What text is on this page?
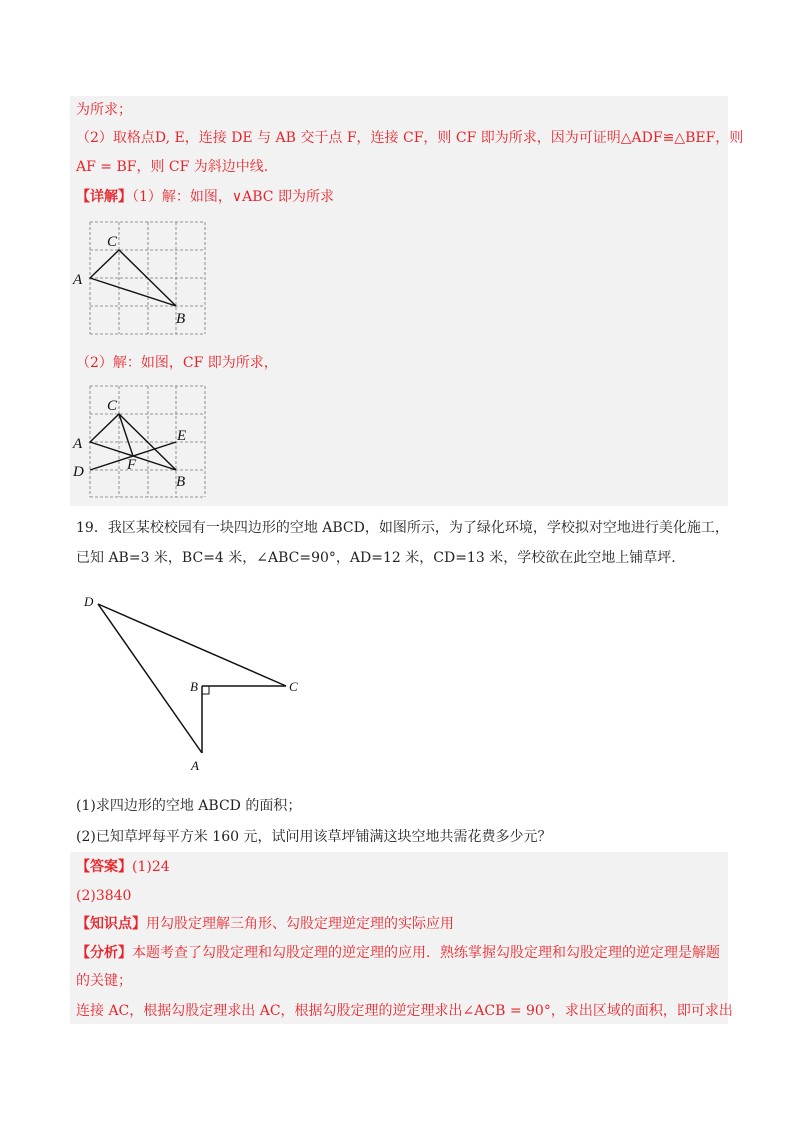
为所求；
（2）取格点D, E，连接 DE 与 AB 交于点 F，连接 CF，则 CF 即为所求，因为可证明△ADF≌△BEF，则
AF = BF，则 CF 为斜边中线.
【详解】（1）解：如图，∨ABC 即为所求
C
A
B
（2）解：如图，CF 即为所求，
C
A	E
D	F
B
19．我区某校校园有一块四边形的空地 ABCD，如图所示，为了绿化环境，学校拟对空地进行美化施工，
已知 AB=3 米，BC=4 米，∠ABC=90°，AD=12 米，CD=13 米，学校欲在此空地上铺草坪.
D
B	C
A
(1)求四边形的空地 ABCD 的面积；
(2)已知草坪每平方米 160 元，试问用该草坪铺满这块空地共需花费多少元？
【答案】(1)24
(2)3840
【知识点】用勾股定理解三角形、勾股定理逆定理的实际应用
【分析】本题考查了勾股定理和勾股定理的逆定理的应用．熟练掌握勾股定理和勾股定理的逆定理是解题
的关键；
连接 AC，根据勾股定理求出 AC，根据勾股定理的逆定理求出∠ACB = 90°，求出区域的面积，即可求出
